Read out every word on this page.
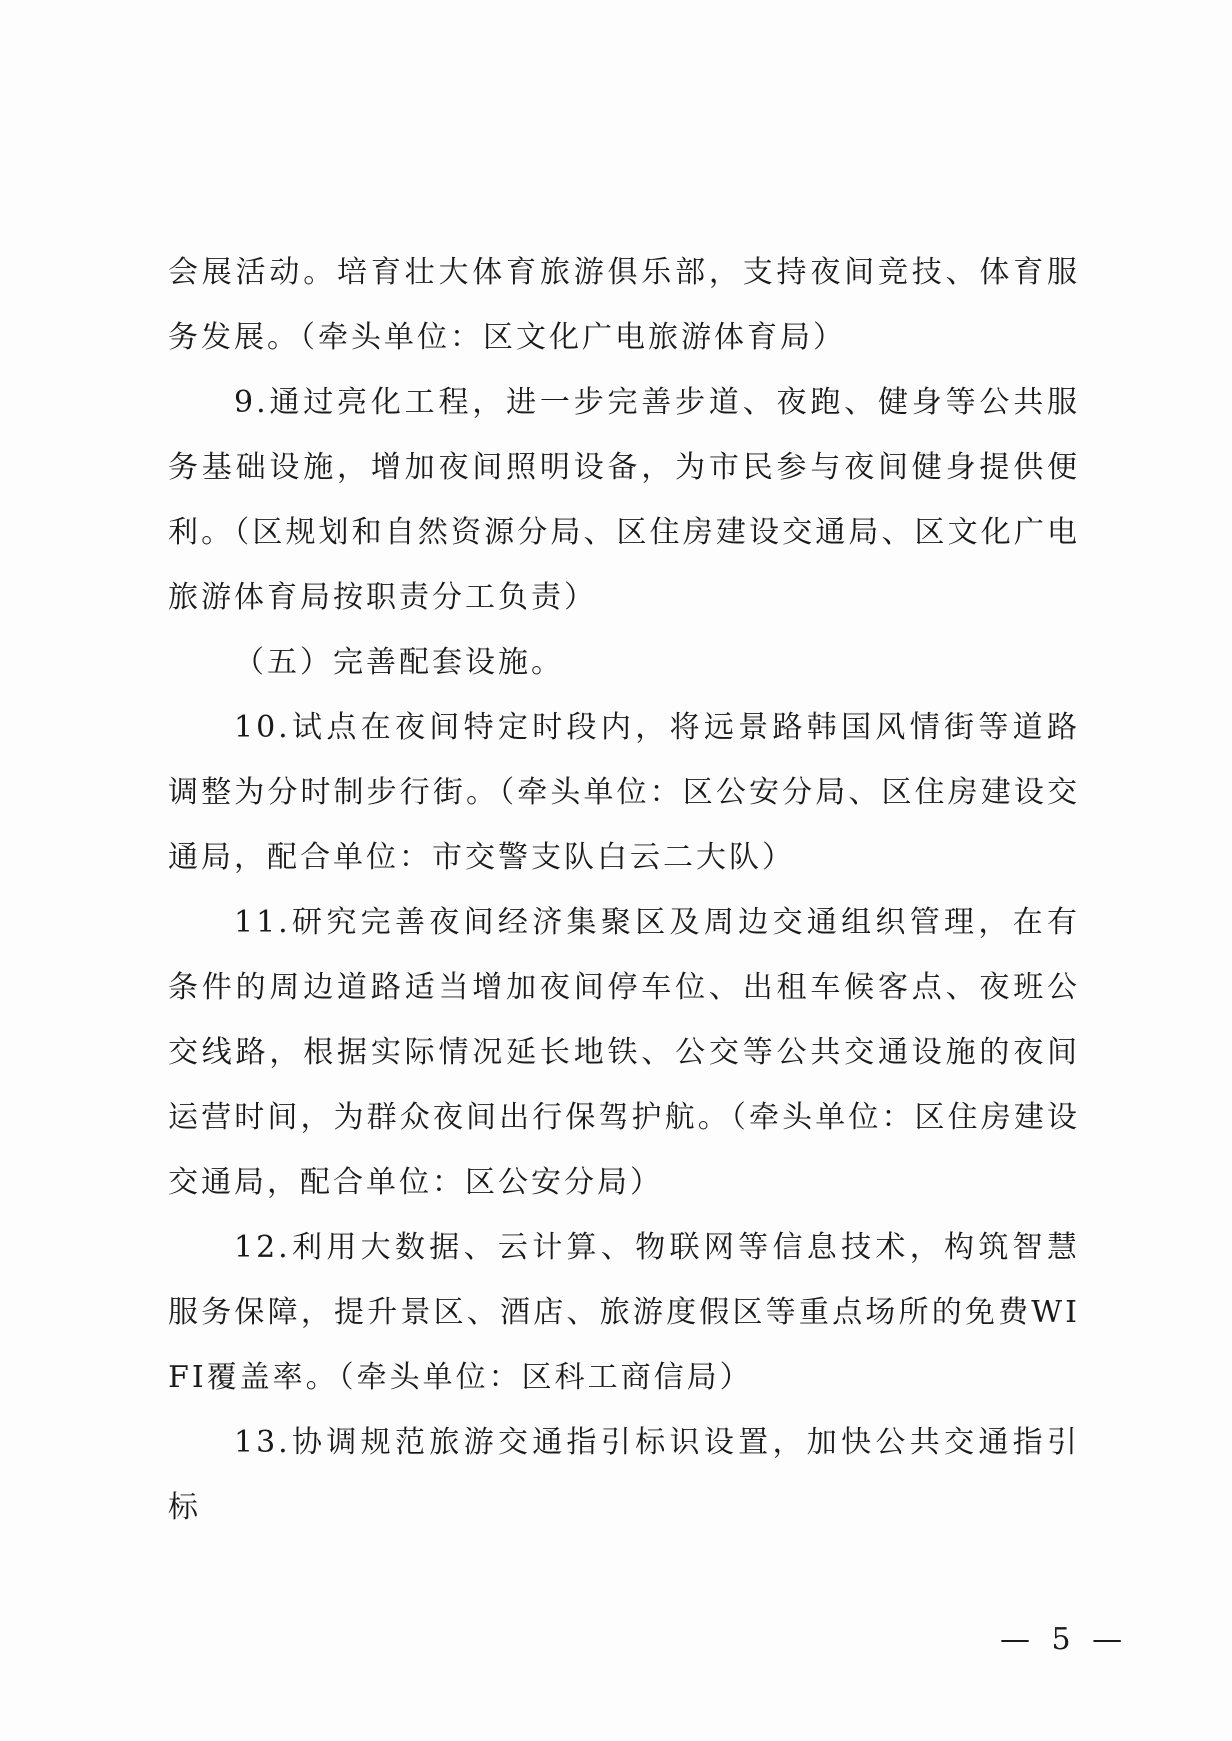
会展活动。培育壮大体育旅游俱乐部，支持夜间竞技、体育服务发展。（牵头单位：区文化广电旅游体育局）

9.通过亮化工程，进一步完善步道、夜跑、健身等公共服务基础设施，增加夜间照明设备，为市民参与夜间健身提供便利。（区规划和自然资源分局、区住房建设交通局、区文化广电旅游体育局按职责分工负责）

（五）完善配套设施。

10.试点在夜间特定时段内，将远景路韩国风情街等道路调整为分时制步行街。（牵头单位：区公安分局、区住房建设交通局，配合单位：市交警支队白云二大队）

11.研究完善夜间经济集聚区及周边交通组织管理，在有条件的周边道路适当增加夜间停车位、出租车候客点、夜班公交线路，根据实际情况延长地铁、公交等公共交通设施的夜间运营时间，为群众夜间出行保驾护航。（牵头单位：区住房建设交通局，配合单位：区公安分局）

12.利用大数据、云计算、物联网等信息技术，构筑智慧服务保障，提升景区、酒店、旅游度假区等重点场所的免费WIFI覆盖率。（牵头单位：区科工商信局）

13.协调规范旅游交通指引标识设置，加快公共交通指引标

— 5 —
